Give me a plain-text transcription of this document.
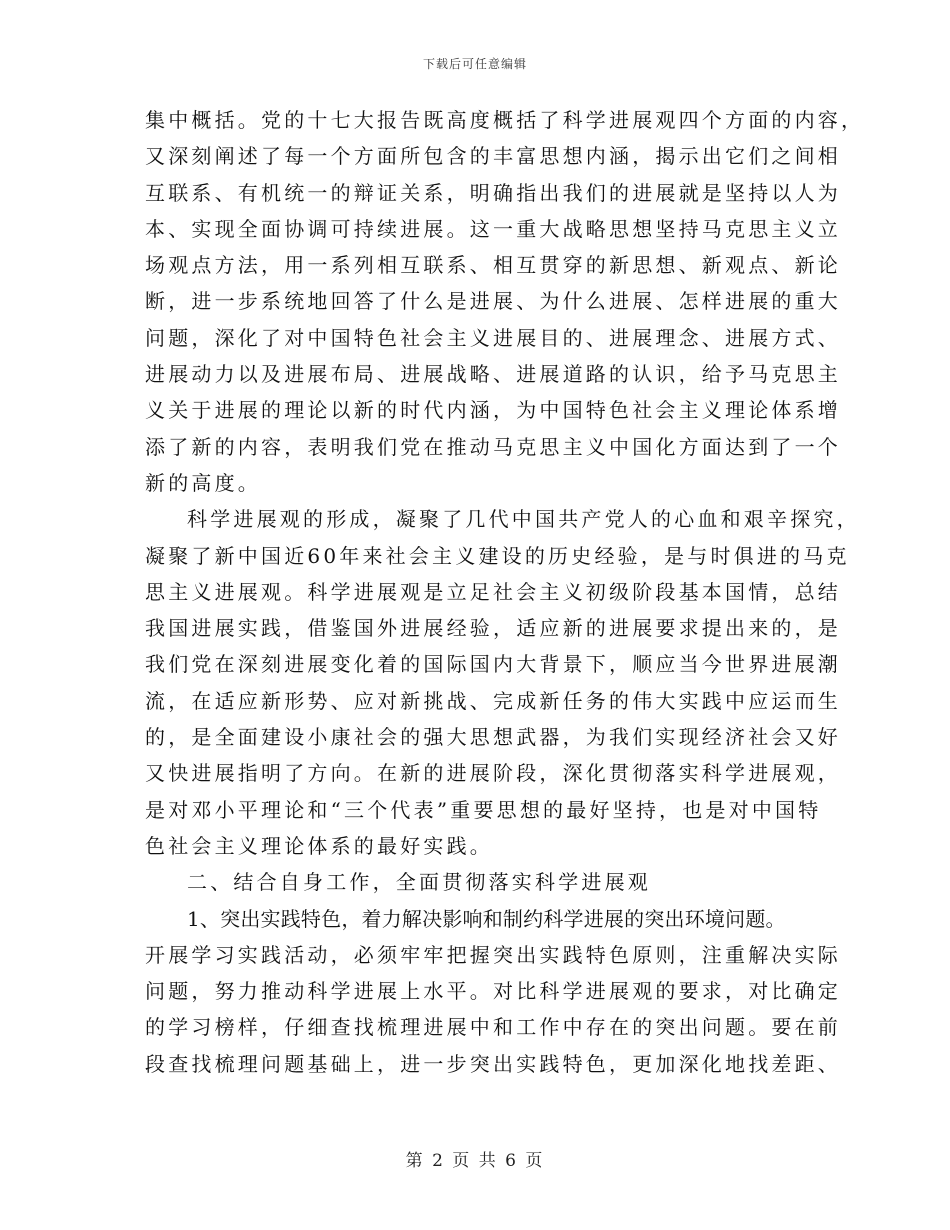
下载后可任意编辑
集中概括。党的十七大报告既高度概括了科学进展观四个方面的内容，
又深刻阐述了每一个方面所包含的丰富思想内涵，揭示出它们之间相
互联系、有机统一的辩证关系，明确指出我们的进展就是坚持以人为
本、实现全面协调可持续进展。这一重大战略思想坚持马克思主义立
场观点方法，用一系列相互联系、相互贯穿的新思想、新观点、新论
断，进一步系统地回答了什么是进展、为什么进展、怎样进展的重大
问题，深化了对中国特色社会主义进展目的、进展理念、进展方式、
进展动力以及进展布局、进展战略、进展道路的认识，给予马克思主
义关于进展的理论以新的时代内涵，为中国特色社会主义理论体系增
添了新的内容，表明我们党在推动马克思主义中国化方面达到了一个
新的高度。
科学进展观的形成，凝聚了几代中国共产党人的心血和艰辛探究，
凝聚了新中国近60年来社会主义建设的历史经验，是与时俱进的马克
思主义进展观。科学进展观是立足社会主义初级阶段基本国情，总结
我国进展实践，借鉴国外进展经验，适应新的进展要求提出来的，是
我们党在深刻进展变化着的国际国内大背景下，顺应当今世界进展潮
流，在适应新形势、应对新挑战、完成新任务的伟大实践中应运而生
的，是全面建设小康社会的强大思想武器，为我们实现经济社会又好
又快进展指明了方向。在新的进展阶段，深化贯彻落实科学进展观，
是对邓小平理论和“三个代表”重要思想的最好坚持，也是对中国特
色社会主义理论体系的最好实践。
二、结合自身工作，全面贯彻落实科学进展观
1、突出实践特色，着力解决影响和制约科学进展的突出环境问题。
开展学习实践活动，必须牢牢把握突出实践特色原则，注重解决实际
问题，努力推动科学进展上水平。对比科学进展观的要求，对比确定
的学习榜样，仔细查找梳理进展中和工作中存在的突出问题。要在前
段查找梳理问题基础上，进一步突出实践特色，更加深化地找差距、
第 2 页 共 6 页
